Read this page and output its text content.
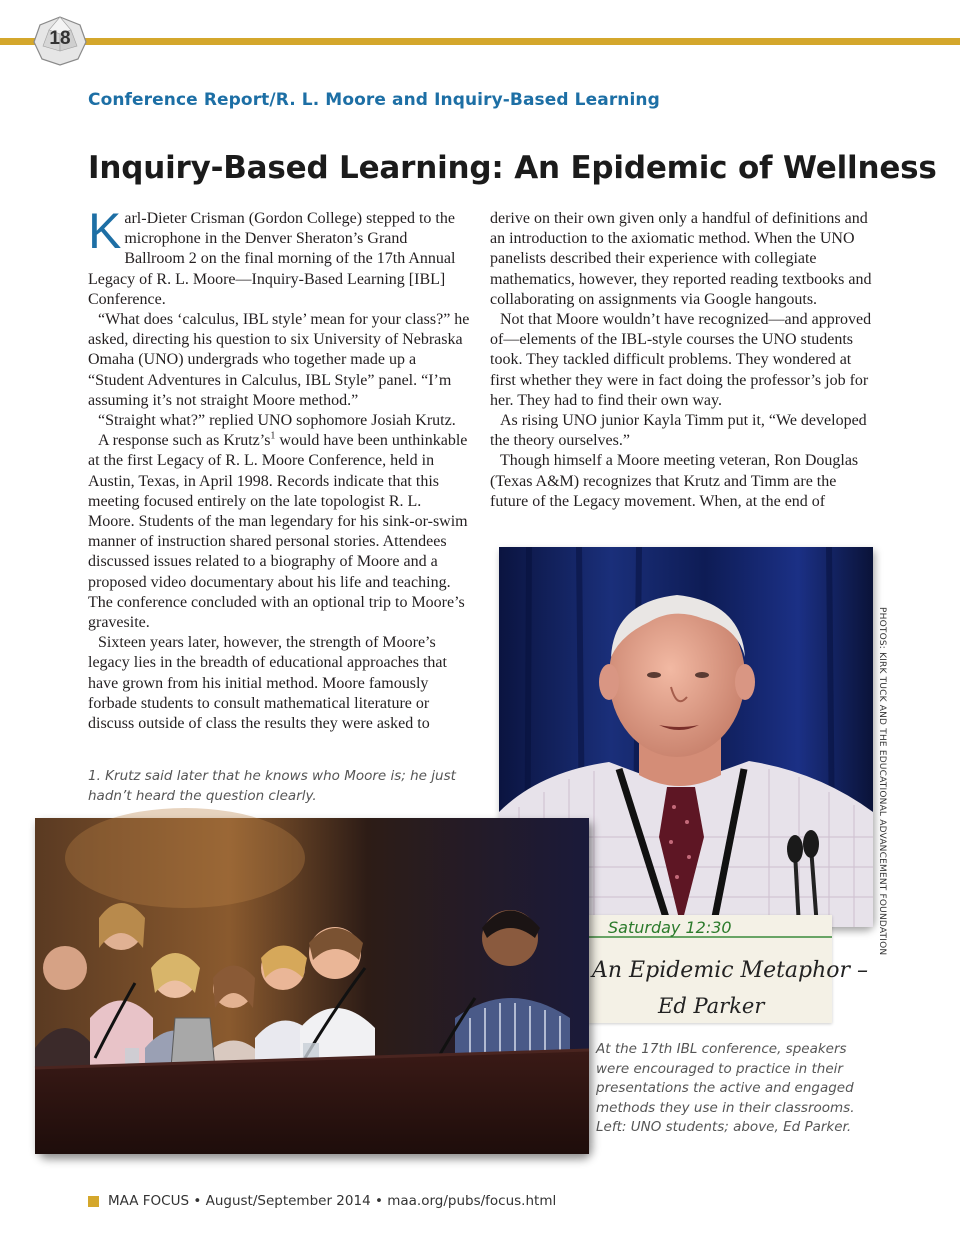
18
Conference Report/R. L. Moore and Inquiry-Based Learning
Inquiry-Based Learning: An Epidemic of Wellness

Karl-Dieter Crisman (Gordon College) stepped to the microphone in the Denver Sheraton’s Grand Ballroom 2 on the final morning of the 17th Annual Legacy of R. L. Moore—Inquiry-Based Learning [IBL] Conference.

“What does ‘calculus, IBL style’ mean for your class?” he asked, directing his question to six University of Nebraska Omaha (UNO) undergrads who together made up a “Student Adventures in Calculus, IBL Style” panel. “I’m assuming it’s not straight Moore method.”

“Straight what?” replied UNO sophomore Josiah Krutz.

A response such as $Krutz’s^1$ would have been unthinkable at the first Legacy of R. L. Moore Conference, held in Austin, Texas, in April 1998. Records indicate that this meeting focused entirely on the late topologist R. L. Moore. Students of the man legendary for his sink-or-swim manner of instruction shared personal stories. Attendees discussed issues related to a biography of Moore and a proposed video documentary about his life and teaching. The conference concluded with an optional trip to Moore’s gravesite.

Sixteen years later, however, the strength of Moore’s legacy lies in the breadth of educational approaches that have grown from his initial method. Moore famously forbade students to consult mathematical literature or discuss outside of class the results they were asked to

derive on their own given only a handful of definitions and an introduction to the axiomatic method. When the UNO panelists described their experience with collegiate mathematics, however, they reported reading textbooks and collaborating on assignments via Google hangouts.

Not that Moore wouldn’t have recognized—and approved of—elements of the IBL-style courses the UNO students took. They tackled difficult problems. They wondered at first whether they were in fact doing the professor’s job for her. They had to find their own way.

As rising UNO junior Kayla Timm put it, “We developed the theory ourselves.”

Though himself a Moore meeting veteran, Ron Douglas (Texas A&M) recognizes that Krutz and Timm are the future of the Legacy movement. When, at the end of

1. Krutz said later that he knows who Moore is; he just hadn’t heard the question clearly.	PHOTOS: KIRK TUCK AND THE EDUCATIONAL ADVANCEMENT FOUNDATION
Saturday 12:30
An Epidemic Metaphor –
Ed Parker
At the 17th IBL conference, speakers
were encouraged to practice in their
presentations the active and engaged
methods they use in their classrooms.
Left: UNO students; above, Ed Parker.
MAA FOCUS • August/September 2014 • maa.org/pubs/focus.html
